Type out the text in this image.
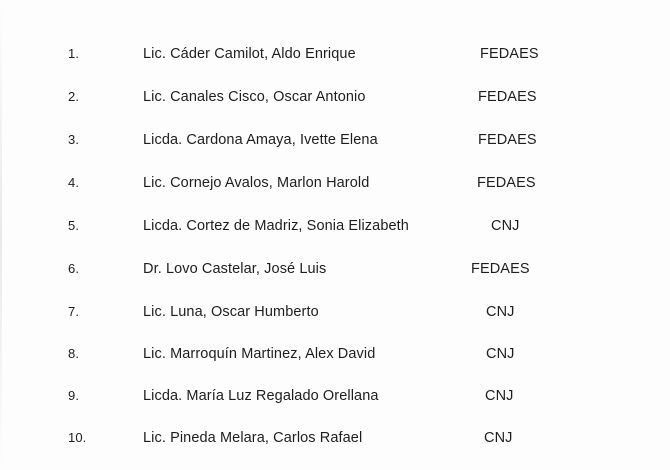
1.	Lic. Cáder Camilot, Aldo Enrique	FEDAES
2.	Lic. Canales Cisco, Oscar Antonio	FEDAES
3.	Licda. Cardona Amaya, Ivette Elena	FEDAES
4.	Lic. Cornejo Avalos, Marlon Harold	FEDAES
5.	Licda. Cortez de Madriz, Sonia Elizabeth	CNJ
6.	Dr. Lovo Castelar, José Luis	FEDAES
7.	Lic. Luna, Oscar Humberto	CNJ
8.	Lic. Marroquín Martinez, Alex David	CNJ
9.	Licda. María Luz Regalado Orellana	CNJ
10.	Lic. Pineda Melara, Carlos Rafael	CNJ
